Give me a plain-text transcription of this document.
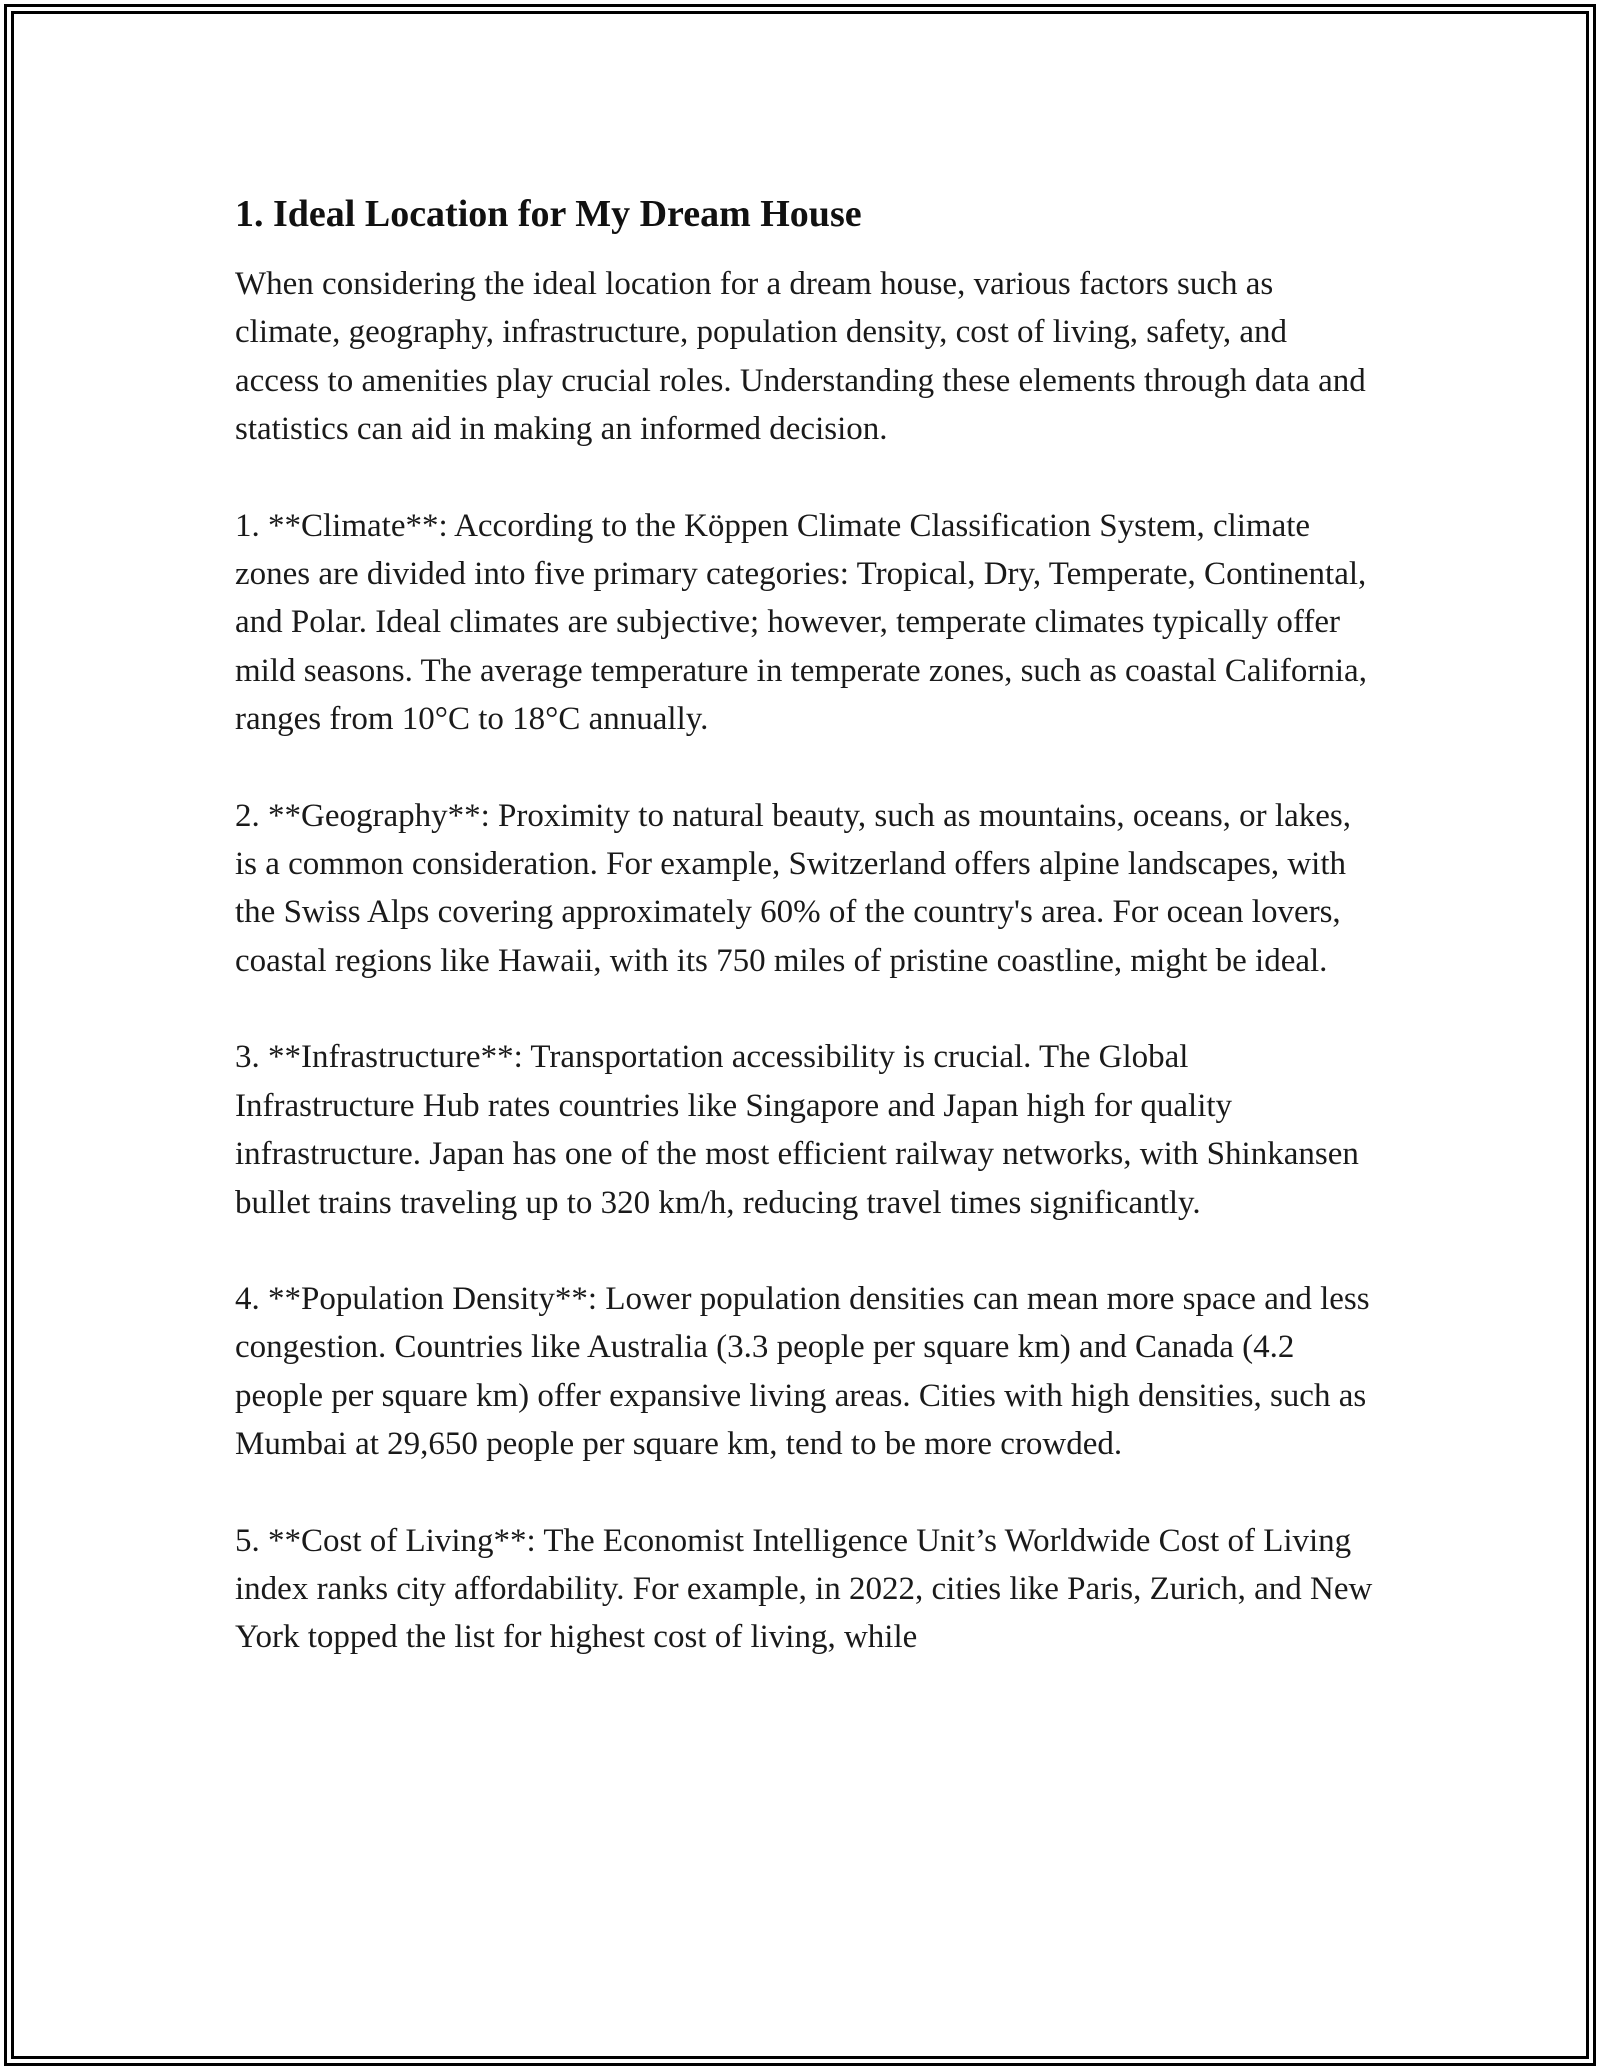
1. Ideal Location for My Dream House

When considering the ideal location for a dream house, various factors such as climate, geography, infrastructure, population density, cost of living, safety, and access to amenities play crucial roles. Understanding these elements through data and statistics can aid in making an informed decision.

1. **Climate**: According to the Köppen Climate Classification System, climate zones are divided into five primary categories: Tropical, Dry, Temperate, Continental, and Polar. Ideal climates are subjective; however, temperate climates typically offer mild seasons. The average temperature in temperate zones, such as coastal California, ranges from 10°C to 18°C annually.

2. **Geography**: Proximity to natural beauty, such as mountains, oceans, or lakes, is a common consideration. For example, Switzerland offers alpine landscapes, with the Swiss Alps covering approximately 60% of the country's area. For ocean lovers, coastal regions like Hawaii, with its 750 miles of pristine coastline, might be ideal.

3. **Infrastructure**: Transportation accessibility is crucial. The Global Infrastructure Hub rates countries like Singapore and Japan high for quality infrastructure. Japan has one of the most efficient railway networks, with Shinkansen bullet trains traveling up to 320 km/h, reducing travel times significantly.

4. **Population Density**: Lower population densities can mean more space and less congestion. Countries like Australia (3.3 people per square km) and Canada (4.2 people per square km) offer expansive living areas. Cities with high densities, such as Mumbai at 29,650 people per square km, tend to be more crowded.

5. **Cost of Living**: The Economist Intelligence Unit’s Worldwide Cost of Living index ranks city affordability. For example, in 2022, cities like Paris, Zurich, and New York topped the list for highest cost of living, while
